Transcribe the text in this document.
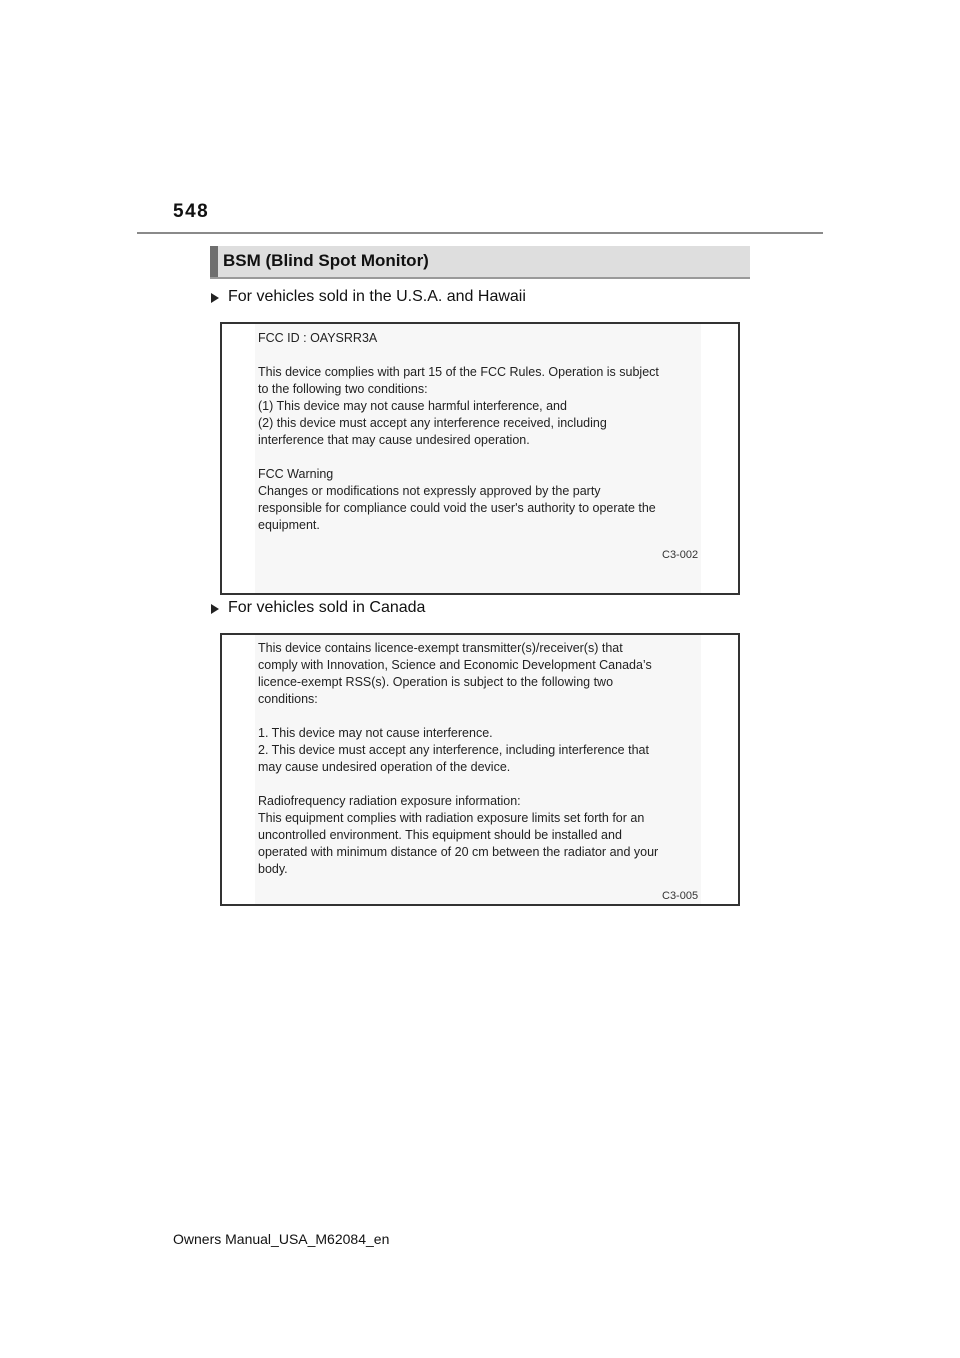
548
BSM (Blind Spot Monitor)
For vehicles sold in the U.S.A. and Hawaii

FCC ID : OAYSRR3A

This device complies with part 15 of the FCC Rules. Operation is subject
to the following two conditions:
(1) This device may not cause harmful interference, and
(2) this device must accept any interference received, including
interference that may cause undesired operation.

FCC Warning
Changes or modifications not expressly approved by the party
responsible for compliance could void the user's authority to operate the
equipment.

C3-002
For vehicles sold in Canada

This device contains licence-exempt transmitter(s)/receiver(s) that
comply with Innovation, Science and Economic Development Canada’s
licence-exempt RSS(s). Operation is subject to the following two
conditions:

1. This device may not cause interference.
2. This device must accept any interference, including interference that
may cause undesired operation of the device.

Radiofrequency radiation exposure information:
This equipment complies with radiation exposure limits set forth for an
uncontrolled environment. This equipment should be installed and
operated with minimum distance of 20 cm between the radiator and your
body.

C3-005
Owners Manual_USA_M62084_en
